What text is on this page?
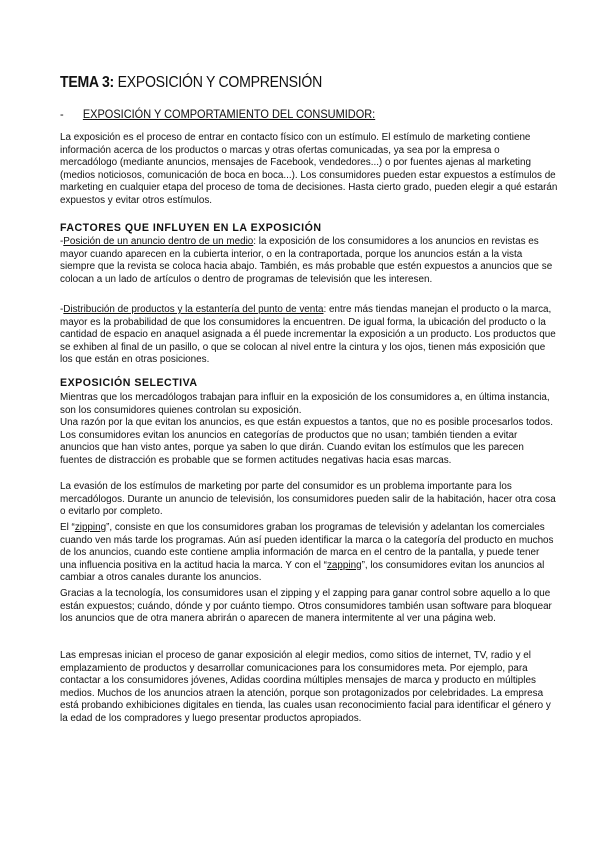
TEMA 3: EXPOSICIÓN Y COMPRENSIÓN
- EXPOSICIÓN Y COMPORTAMIENTO DEL CONSUMIDOR:

La exposición es el proceso de entrar en contacto físico con un estímulo. El estímulo de marketing contiene información acerca de los productos o marcas y otras ofertas comunicadas, ya sea por la empresa o mercadólogo (mediante anuncios, mensajes de Facebook, vendedores...) o por fuentes ajenas al marketing (medios noticiosos, comunicación de boca en boca...). Los consumidores pueden estar expuestos a estímulos de marketing en cualquier etapa del proceso de toma de decisiones. Hasta cierto grado, pueden elegir a qué estarán expuestos y evitar otros estímulos.

FACTORES QUE INFLUYEN EN LA EXPOSICIÓN

-Posición de un anuncio dentro de un medio: la exposición de los consumidores a los anuncios en revistas es mayor cuando aparecen en la cubierta interior, o en la contraportada, porque los anuncios están a la vista siempre que la revista se coloca hacia abajo. También, es más probable que estén expuestos a anuncios que se colocan a un lado de artículos o dentro de programas de televisión que les interesen.

-Distribución de productos y la estantería del punto de venta: entre más tiendas manejan el producto o la marca, mayor es la probabilidad de que los consumidores la encuentren. De igual forma, la ubicación del producto o la cantidad de espacio en anaquel asignada a él puede incrementar la exposición a un producto. Los productos que se exhiben al final de un pasillo, o que se colocan al nivel entre la cintura y los ojos, tienen más exposición que los que están en otras posiciones.

EXPOSICIÓN SELECTIVA

Mientras que los mercadólogos trabajan para influir en la exposición de los consumidores a, en última instancia, son los consumidores quienes controlan su exposición.

Una razón por la que evitan los anuncios, es que están expuestos a tantos, que no es posible procesarlos todos. Los consumidores evitan los anuncios en categorías de productos que no usan; también tienden a evitar anuncios que han visto antes, porque ya saben lo que dirán. Cuando evitan los estímulos que les parecen fuentes de distracción es probable que se formen actitudes negativas hacia esas marcas.

La evasión de los estímulos de marketing por parte del consumidor es un problema importante para los mercadólogos. Durante un anuncio de televisión, los consumidores pueden salir de la habitación, hacer otra cosa o evitarlo por completo.

El “zipping”, consiste en que los consumidores graban los programas de televisión y adelantan los comerciales cuando ven más tarde los programas. Aún así pueden identificar la marca o la categoría del producto en muchos de los anuncios, cuando este contiene amplia información de marca en el centro de la pantalla, y puede tener una influencia positiva en la actitud hacia la marca. Y con el “zapping”, los consumidores evitan los anuncios al cambiar a otros canales durante los anuncios.

Gracias a la tecnología, los consumidores usan el zipping y el zapping para ganar control sobre aquello a lo que están expuestos; cuándo, dónde y por cuánto tiempo. Otros consumidores también usan software para bloquear los anuncios que de otra manera abrirán o aparecen de manera intermitente al ver una página web.

Las empresas inician el proceso de ganar exposición al elegir medios, como sitios de internet, TV, radio y el emplazamiento de productos y desarrollar comunicaciones para los consumidores meta. Por ejemplo, para contactar a los consumidores jóvenes, Adidas coordina múltiples mensajes de marca y producto en múltiples medios. Muchos de los anuncios atraen la atención, porque son protagonizados por celebridades. La empresa está probando exhibiciones digitales en tienda, las cuales usan reconocimiento facial para identificar el género y la edad de los compradores y luego presentar productos apropiados.
